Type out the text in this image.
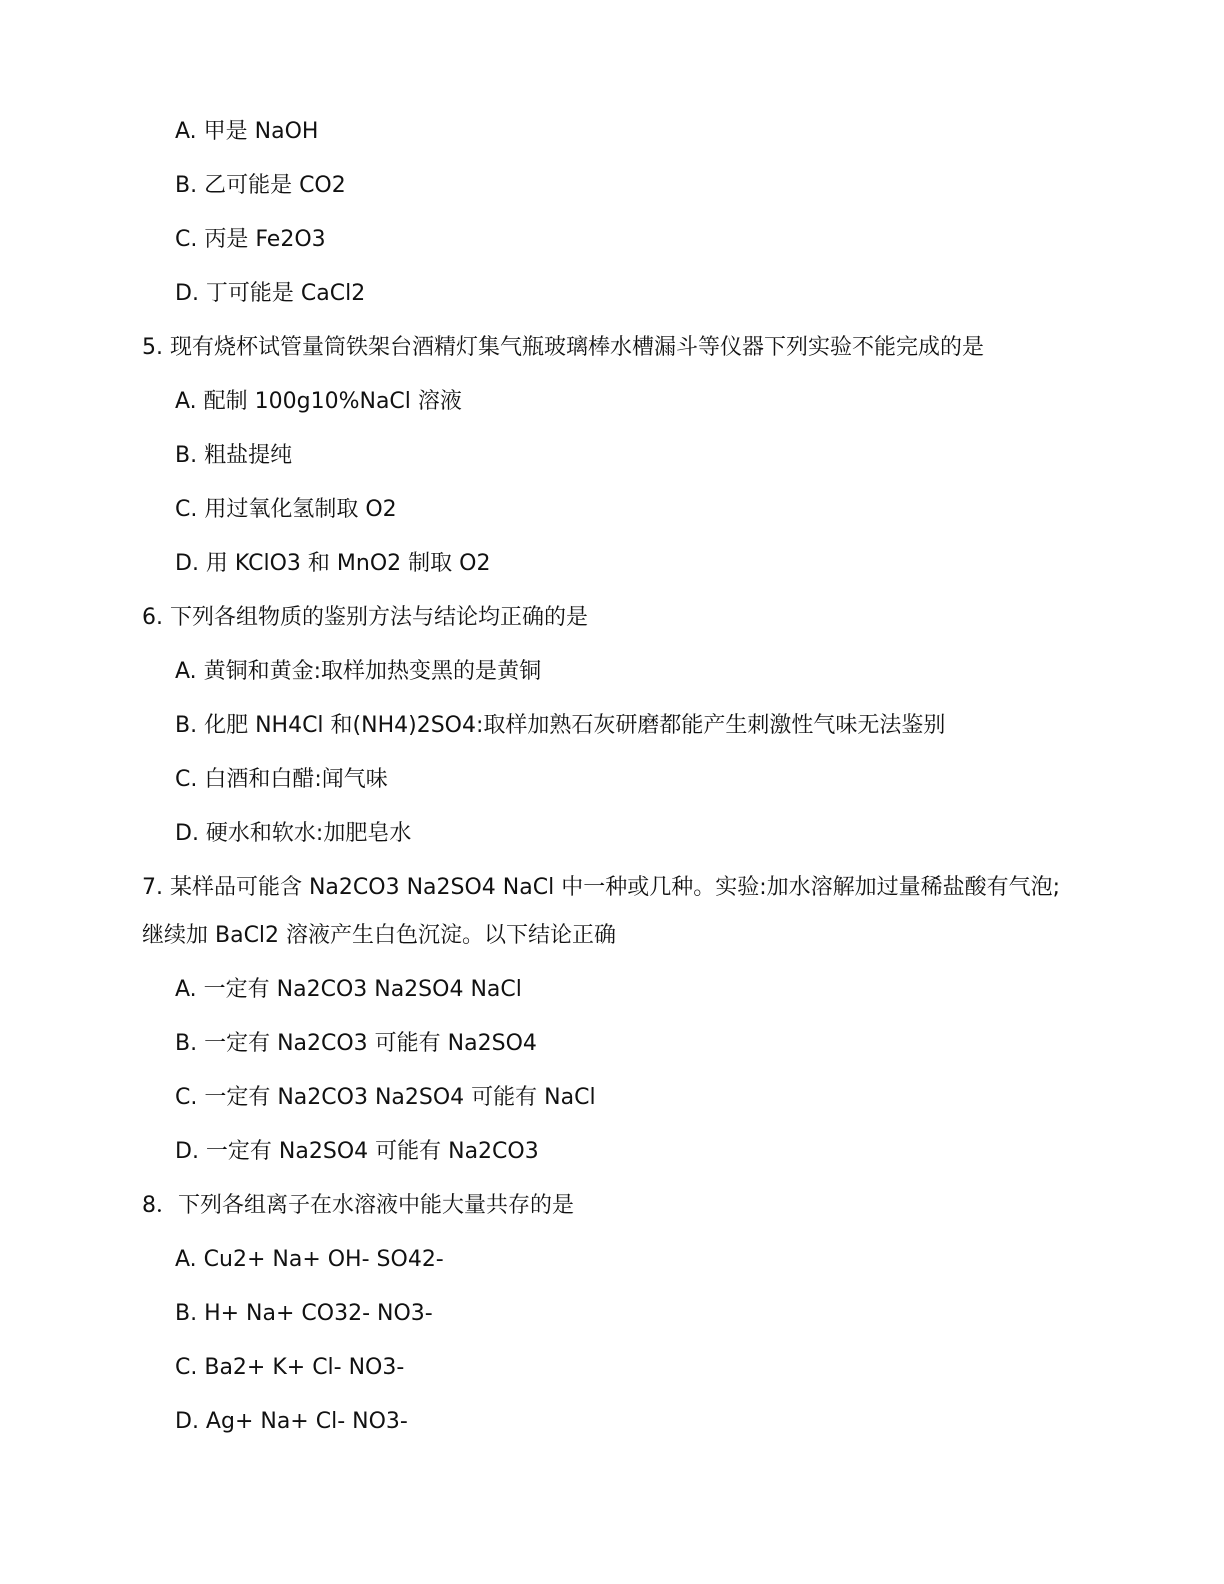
A. 甲是 NaOH
B. 乙可能是 CO2
C. 丙是 Fe2O3
D. 丁可能是 CaCl2
5. 现有烧杯试管量筒铁架台酒精灯集气瓶玻璃棒水槽漏斗等仪器下列实验不能完成的是
A. 配制 100g10%NaCl 溶液
B. 粗盐提纯
C. 用过氧化氢制取 O2
D. 用 KClO3 和 MnO2 制取 O2
6. 下列各组物质的鉴别方法与结论均正确的是
A. 黄铜和黄金:取样加热变黑的是黄铜
B. 化肥 NH4Cl 和(NH4)2SO4:取样加熟石灰研磨都能产生刺激性气味无法鉴别
C. 白酒和白醋:闻气味
D. 硬水和软水:加肥皂水
7. 某样品可能含 Na2CO3 Na2SO4 NaCl 中一种或几种。实验:加水溶解加过量稀盐酸有气泡;
继续加 BaCl2 溶液产生白色沉淀。以下结论正确
A. 一定有 Na2CO3 Na2SO4 NaCl
B. 一定有 Na2CO3 可能有 Na2SO4
C. 一定有 Na2CO3 Na2SO4 可能有 NaCl
D. 一定有 Na2SO4 可能有 Na2CO3
8．下列各组离子在水溶液中能大量共存的是
A. Cu2+ Na+ OH- SO42-
B. H+ Na+ CO32- NO3-
C. Ba2+ K+ Cl- NO3-
D. Ag+ Na+ Cl- NO3-
